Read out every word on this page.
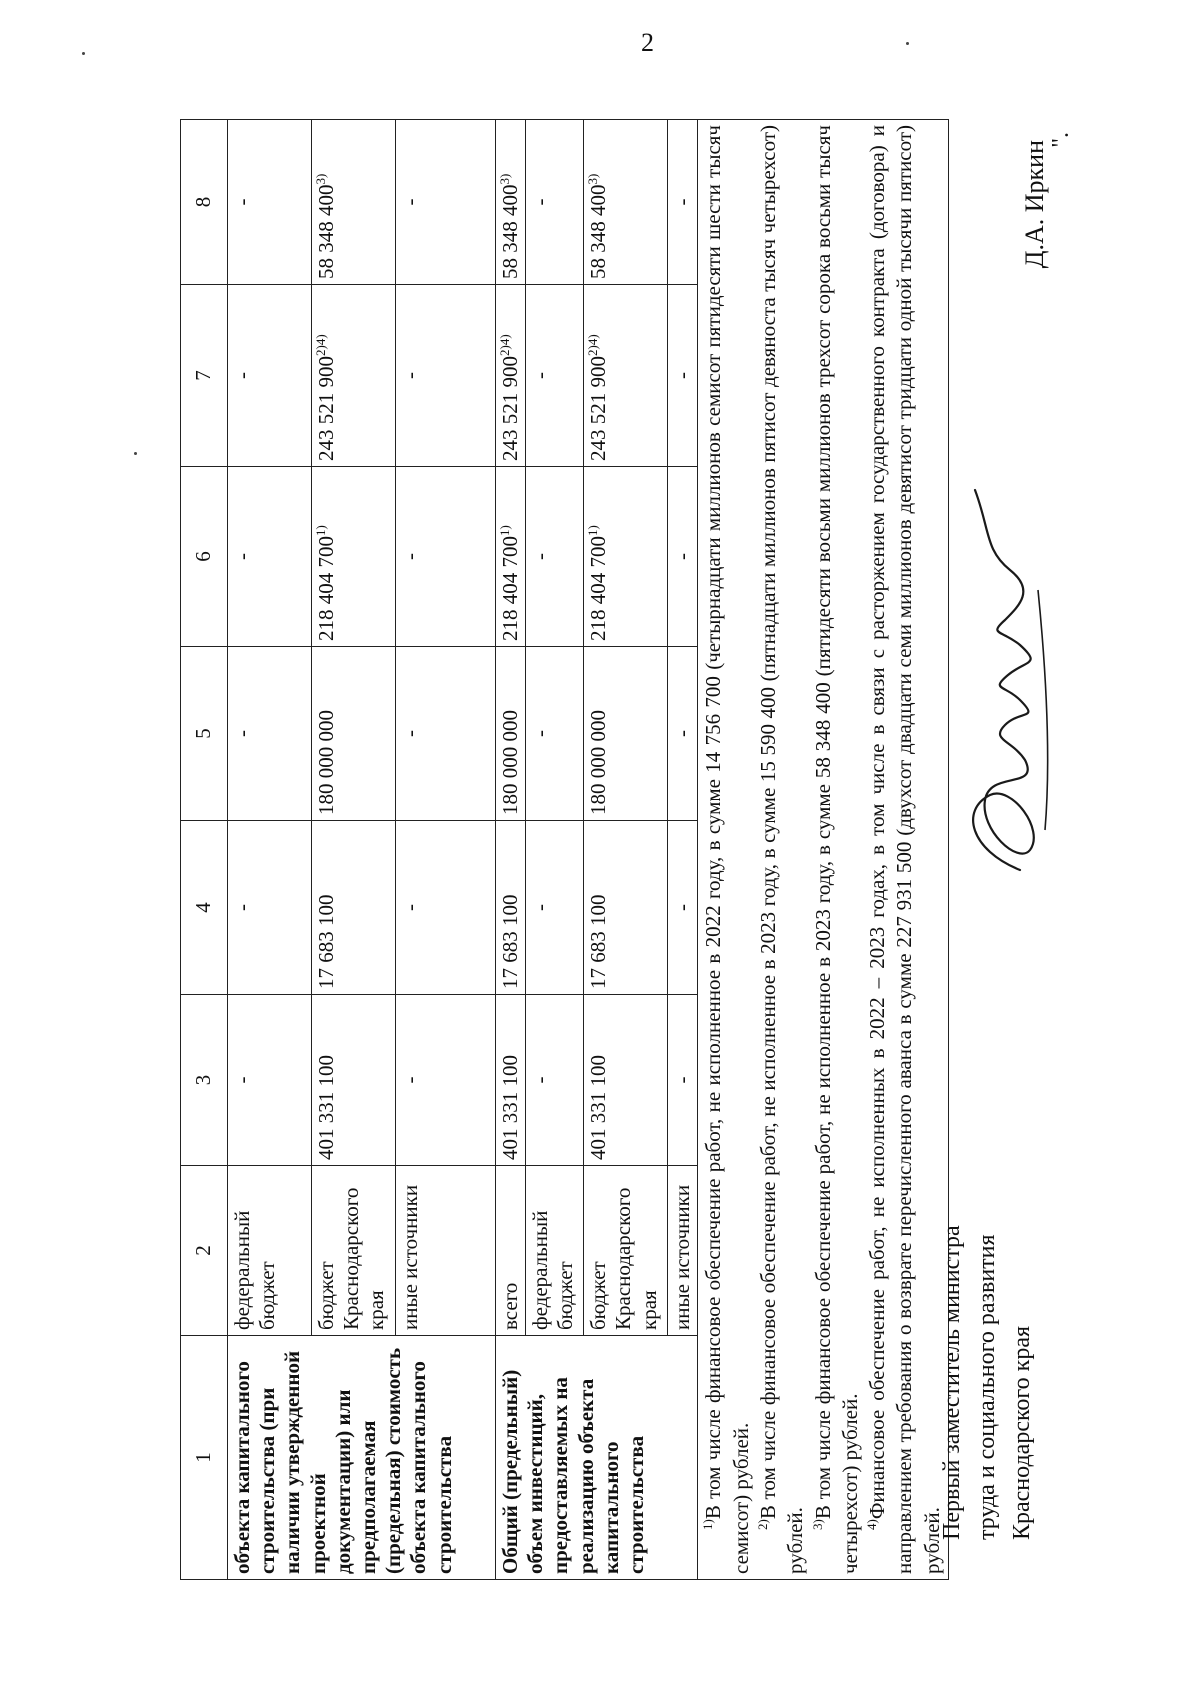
2
1	2	3	4	5	6	7	8
объекта капитального строительства (при наличии утвержденной проектной документации) или предполагаемая (предельная) стоимость объекта капитального строительства	федеральный бюджет	-	-	-	-	-	-
	бюджет Краснодарского края	401 331 100	17 683 100	180 000 000	218 404 700$^{1)}$	243 521 $900^{2)4)}$	58 348 400$^{3)}$
	иные источники	-	-	-	-	-	-
Общий (предельный) объем инвестиций, предоставляемых на реализацию объекта капитального строительства	всего	401 331 100	17 683 100	180 000 000	218 404 700$^{1)}$	243 521 $900^{2)4)}$	58 348 400$^{3)}$
	федеральный бюджет	-	-	-	-	-	-
	бюджет Краснодарского края	401 331 100	17 683 100	180 000 000	218 404 700$^{1)}$	243 521 $900^{2)4)}$	58 348 400$^{3)}$
	иные источники	-	-	-	-	-	-

$^{1)}$В том числе финансовое обеспечение работ, не исполненное в 2022 году, в сумме 14 756 700 (четырнадцати миллионов семисот пятидесяти шести тысяч семисот) рублей. $^{2)}$В том числе финансовое обеспечение работ, не исполненное в 2023 году, в сумме 15 590 400 (пятнадцати миллионов пятисот девяноста тысяч четырехсот) рублей. $^{3)}$В том числе финансовое обеспечение работ, не исполненное в 2023 году, в сумме 58 348 400 (пятидесяти восьми миллионов трехсот сорока восьми тысяч четырехсот) рублей. $^{4)}$Финансовое обеспечение работ, не исполненных в 2022 – 2023 годах, в том числе в связи с расторжением государственного контракта (договора) и направлением требования о возврате перечисленного аванса в сумме 227 931 500 (двухсот двадцати семи миллионов девятисот тридцати одной тысячи пятисот) рублей.							

".
Первый заместитель министра труда и социального развития Краснодарского края
Д.А. Иркин
